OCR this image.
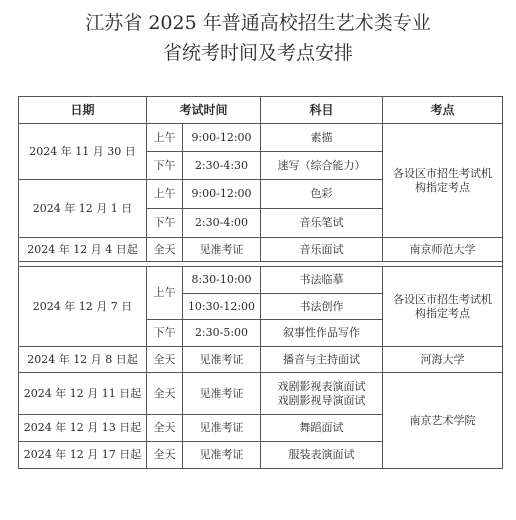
江苏省 2025 年普通高校招生艺术类专业
省统考时间及考点安排
日期	考试时间		科目	考点
2024 年 11 月 30 日	上午	9:00-12:00	素描	各设区市招生考试机构指定考点
	下午	2:30-4:30	速写（综合能力）	
2024 年 12 月 1 日	上午	9:00-12:00	色彩	
	下午	2:30-4:00	音乐笔试	
2024 年 12 月 4 日起	全天	见准考证	音乐面试	南京师范大学

2024 年 12 月 7 日	上午	8:30-10:00	书法临摹	各设区市招生考试机构指定考点
		10:30-12:00	书法创作	
	下午	2:30-5:00	叙事性作品写作	
2024 年 12 月 8 日起	全天	见准考证	播音与主持面试	河海大学
2024 年 12 月 11 日起	全天	见准考证	戏剧影视表演面试
戏剧影视导演面试	南京艺术学院
2024 年 12 月 13 日起	全天	见准考证	舞蹈面试	
2024 年 12 月 17 日起	全天	见准考证	服装表演面试	
